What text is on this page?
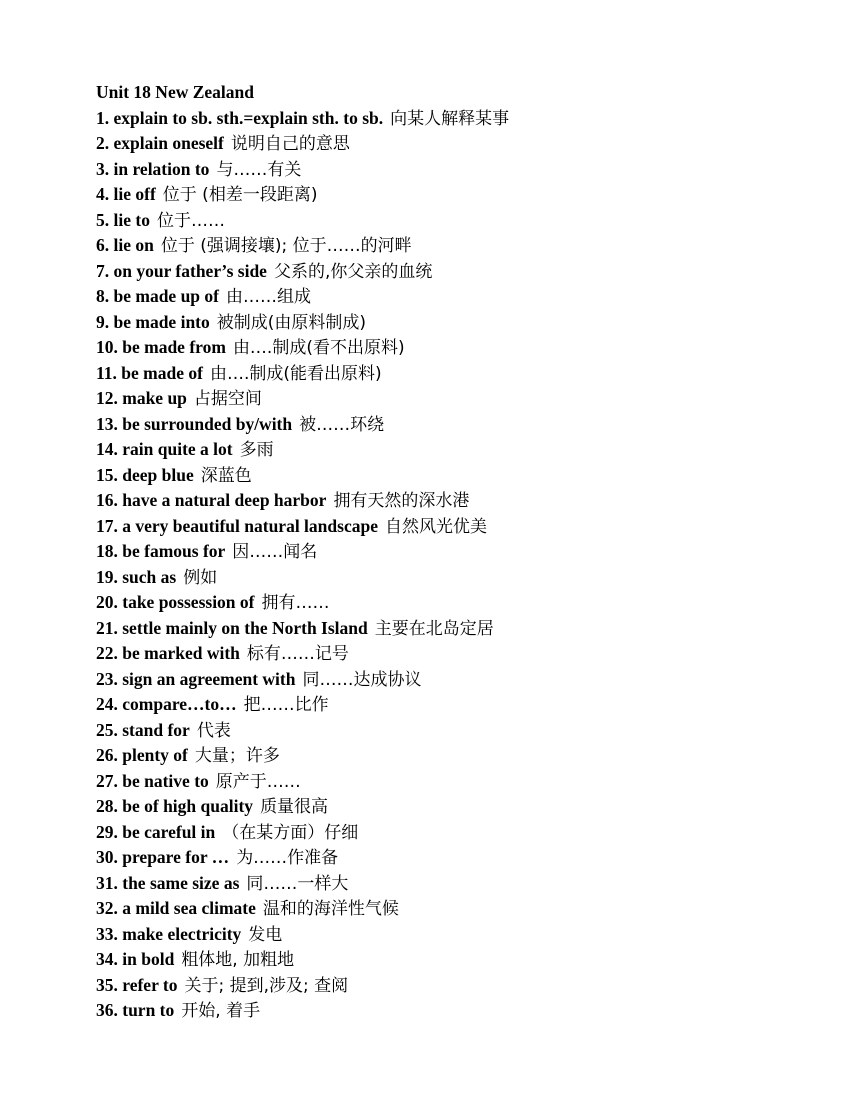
Unit 18 New Zealand
1. explain to sb. sth.=explain sth. to sb. 向某人解释某事
2. explain oneself 说明自己的意思
3. in relation to 与……有关
4. lie off 位于 (相差一段距离)
5. lie to 位于……
6. lie on 位于 (强调接壤); 位于……的河畔
7. on your father’s side 父系的,你父亲的血统
8. be made up of 由……组成
9. be made into 被制成(由原料制成)
10. be made from 由….制成(看不出原料)
11. be made of 由….制成(能看出原料)
12. make up 占据空间
13. be surrounded by/with 被……环绕
14. rain quite a lot 多雨
15. deep blue 深蓝色
16. have a natural deep harbor 拥有天然的深水港
17. a very beautiful natural landscape 自然风光优美
18. be famous for 因……闻名
19. such as 例如
20. take possession of 拥有……
21. settle mainly on the North Island 主要在北岛定居
22. be marked with 标有……记号
23. sign an agreement with 同……达成协议
24. compare…to… 把……比作
25. stand for 代表
26. plenty of 大量；许多
27. be native to 原产于……
28. be of high quality 质量很高
29. be careful in （在某方面）仔细
30. prepare for … 为……作准备
31. the same size as 同……一样大
32. a mild sea climate 温和的海洋性气候
33. make electricity 发电
34. in bold 粗体地, 加粗地
35. refer to 关于; 提到,涉及; 查阅
36. turn to 开始, 着手
